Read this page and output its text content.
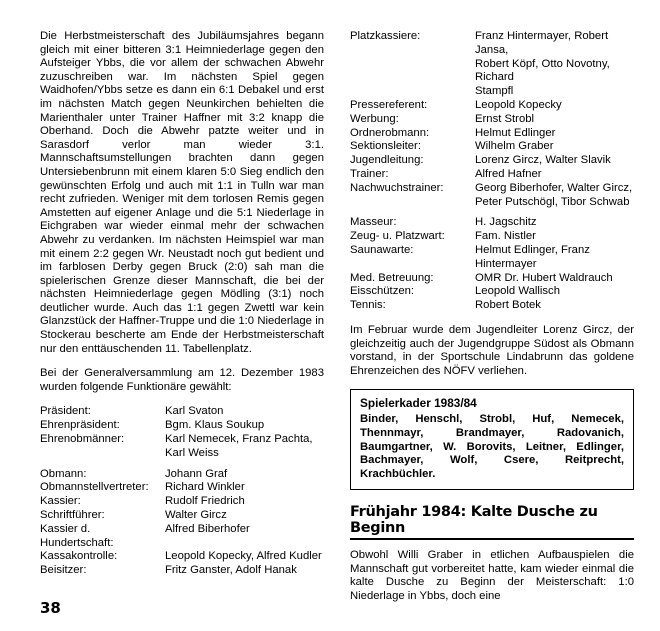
Die Herbstmeisterschaft des Jubiläumsjahres begann gleich mit einer bitteren 3:1 Heimniederlage gegen den Aufsteiger Ybbs, die vor allem der schwachen Abwehr zuzuschreiben war. Im nächsten Spiel gegen Waidhofen/Ybbs setze es dann ein 6:1 Debakel und erst im nächsten Match gegen Neunkirchen behielten die Marienthaler unter Trainer Haffner mit 3:2 knapp die Oberhand. Doch die Abwehr patzte weiter und in Sarasdorf verlor man wieder 3:1. Mannschaftsumstellungen brachten dann gegen Untersiebenbrunn mit einem klaren 5:0 Sieg endlich den gewünschten Erfolg und auch mit 1:1 in Tulln war man recht zufrieden. Weniger mit dem torlosen Remis gegen Amstetten auf eigener Anlage und die 5:1 Niederlage in Eichgraben war wieder einmal mehr der schwachen Abwehr zu verdanken. Im nächsten Heimspiel war man mit einem 2:2 gegen Wr. Neustadt noch gut bedient und im farblosen Derby gegen Bruck (2:0) sah man die spielerischen Grenze dieser Mannschaft, die bei der nächsten Heimniederlage gegen Mödling (3:1) noch deutlicher wurde. Auch das 1:1 gegen Zwettl war kein Glanzstück der Haffner-Truppe und die 1:0 Niederlage in Stockerau bescherte am Ende der Herbstmeisterschaft nur den enttäuschenden 11. Tabellenplatz.

Bei der Generalversammlung am 12. Dezember 1983 wurden folgende Funktionäre gewählt:

Präsident:	Karl Svaton
Ehrenpräsident:	Bgm. Klaus Soukup
Ehrenobmänner:	Karl Nemecek, Franz Pachta,
Karl Weiss
Obmann:	Johann Graf
Obmannstellvertreter:	Richard Winkler
Kassier:	Rudolf Friedrich
Schriftführer:	Walter Gircz
Kassier d. Hundertschaft:
Alfred Biberhofer
Kassakontrolle:	Leopold Kopecky, Alfred Kudler
Beisitzer:	Fritz Ganster, Adolf Hanak
Platzkassiere:	Franz Hintermayer, Robert Jansa,
Robert Köpf, Otto Novotny, Richard
Stampfl
Pressereferent:	Leopold Kopecky
Werbung:	Ernst Strobl
Ordnerobmann:	Helmut Edlinger
Sektionsleiter:	Wilhelm Graber
Jugendleitung:	Lorenz Gircz, Walter Slavik
Trainer:	Alfred Hafner
Nachwuchstrainer:	Georg Biberhofer, Walter Gircz,
Peter Putschögl, Tibor Schwab
Masseur:	H. Jagschitz
Zeug- u. Platzwart:	Fam. Nistler
Saunawarte:	Helmut Edlinger, Franz Hintermayer
Med. Betreuung:	OMR Dr. Hubert Waldrauch
Eisschützen:	Leopold Wallisch
Tennis:	Robert Botek

Im Februar wurde dem Jugendleiter Lorenz Gircz, der gleichzeitig auch der Jugendgruppe Südost als Obmann vorstand, in der Sportschule Lindabrunn das goldene Ehrenzeichen des NÖFV verliehen.

Spielerkader 1983/84
Binder, Henschl, Strobl, Huf, Nemecek, Thennmayr, Brandmayer, Radovanich, Baumgartner, W. Borovits, Leitner, Edlinger, Bachmayer, Wolf, Csere, Reitprecht, Krachbüchler.
Frühjahr 1984: Kalte Dusche zu Beginn

Obwohl Willi Graber in etlichen Aufbauspielen die Mannschaft gut vorbereitet hatte, kam wieder einmal die kalte Dusche zu Beginn der Meisterschaft: 1:0 Niederlage in Ybbs, doch eine

38
